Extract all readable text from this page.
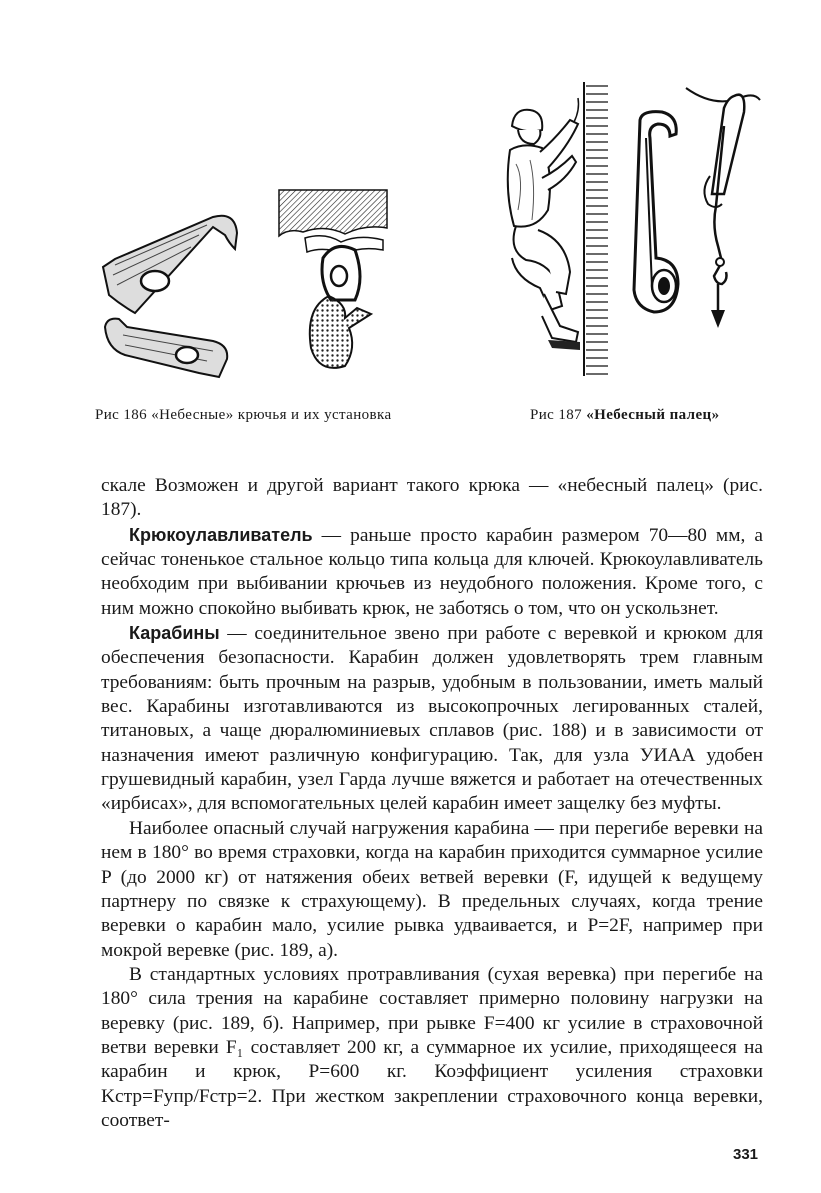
Рис 186 «Небесные» крючья и их установка	Рис 187 «Небесный палец»

скале Возможен и другой вариант такого крюка — «небесный палец» (рис. 187).

Крюкоулавливатель — раньше просто карабин размером 70—80 мм, а сейчас тоненькое стальное кольцо типа кольца для ключей. Крюкоулавливатель необходим при выбивании крючьев из неудобного положения. Кроме того, с ним можно спокойно выбивать крюк, не заботясь о том, что он ускользнет.

Карабины — соединительное звено при работе с веревкой и крюком для обеспечения безопасности. Карабин должен удовлетворять трем главным требованиям: быть прочным на разрыв, удобным в пользовании, иметь малый вес. Карабины изготавливаются из высокопрочных легированных сталей, титановых, а чаще дюралюминиевых сплавов (рис. 188) и в зависимости от назначения имеют различную конфигурацию. Так, для узла УИАА удобен грушевидный карабин, узел Гарда лучше вяжется и работает на отечественных «ирбисах», для вспомогательных целей карабин имеет защелку без муфты.

Наиболее опасный случай нагружения карабина — при перегибе веревки на нем в 180° во время страховки, когда на карабин приходится суммарное усилие P (до 2000 кг) от натяжения обеих ветвей веревки (F, идущей к ведущему партнеру по связке к страхующему). В предельных случаях, когда трение веревки о карабин мало, усилие рывка удваивается, и P=2F, например при мокрой веревке (рис. 189, а).

В стандартных условиях протравливания (сухая веревка) при перегибе на 180° сила трения на карабине составляет примерно половину нагрузки на веревку (рис. 189, б). Например, при рывке F=400 кг усилие в страховочной ветви веревки F₁ составляет 200 кг, а суммарное их усилие, приходящееся на карабин и крюк, P=600 кг. Коэффициент усиления страховки Kстр=Fупр/Fстр=2. При жестком закреплении страховочного конца веревки, соответ-

331
